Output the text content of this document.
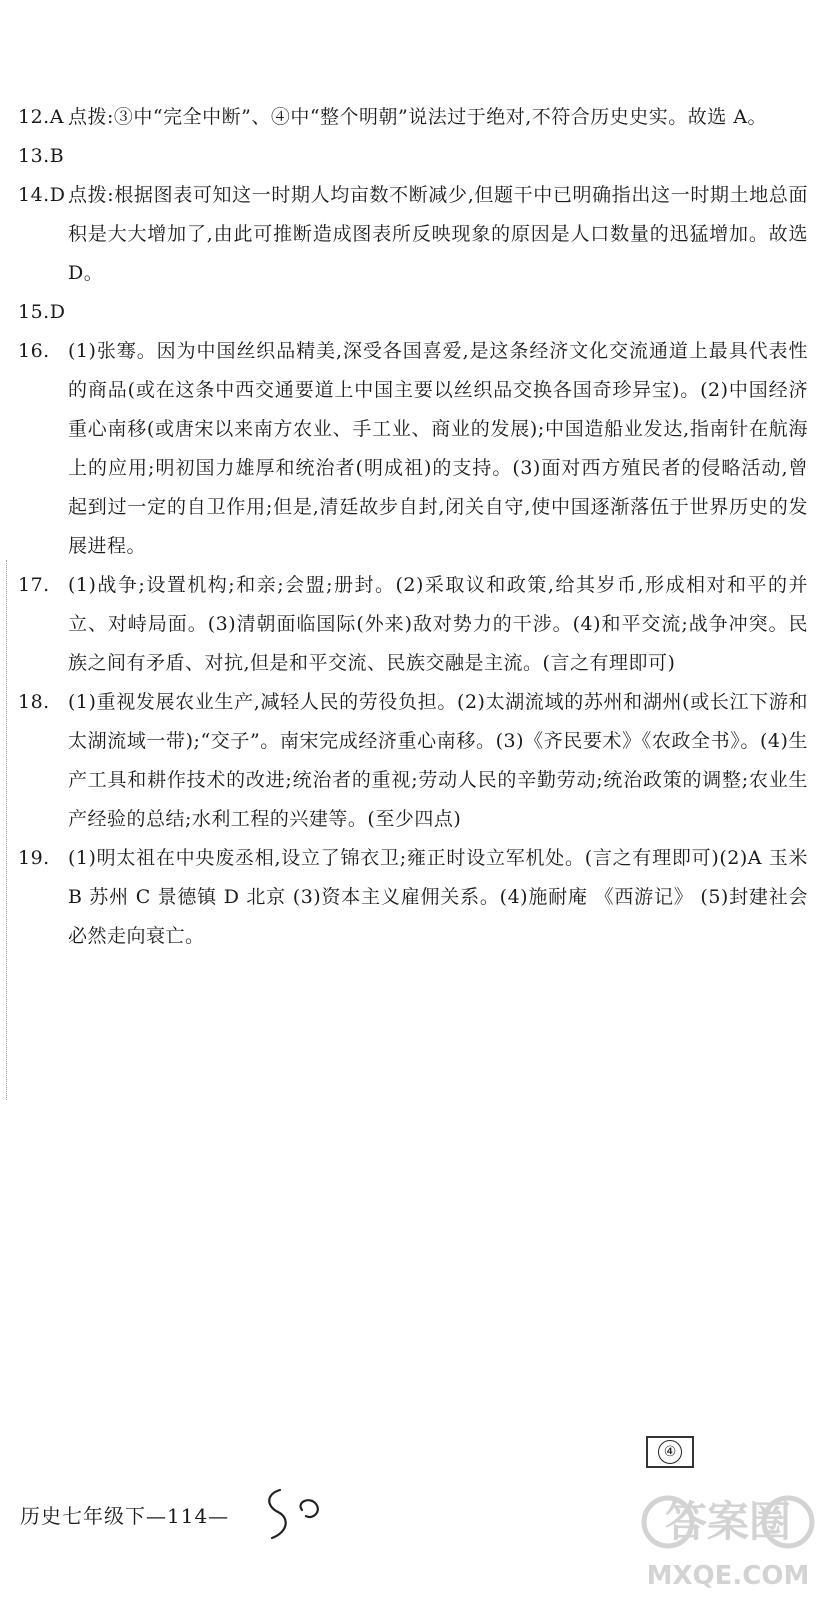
12.A 点拨:③中“完全中断”、④中“整个明朝”说法过于绝对,不符合历史史实。故选 A。
13.B
14.D 点拨:根据图表可知这一时期人均亩数不断减少,但题干中已明确指出这一时期土地总面积是大大增加了,由此可推断造成图表所反映现象的原因是人口数量的迅猛增加。故选 D。
15.D
16. (1)张骞。因为中国丝织品精美,深受各国喜爱,是这条经济文化交流通道上最具代表性的商品(或在这条中西交通要道上中国主要以丝织品交换各国奇珍异宝)。(2)中国经济重心南移(或唐宋以来南方农业、手工业、商业的发展);中国造船业发达,指南针在航海上的应用;明初国力雄厚和统治者(明成祖)的支持。(3)面对西方殖民者的侵略活动,曾起到过一定的自卫作用;但是,清廷故步自封,闭关自守,使中国逐渐落伍于世界历史的发展进程。
17. (1)战争;设置机构;和亲;会盟;册封。(2)采取议和政策,给其岁币,形成相对和平的并立、对峙局面。(3)清朝面临国际(外来)敌对势力的干涉。(4)和平交流;战争冲突。民族之间有矛盾、对抗,但是和平交流、民族交融是主流。(言之有理即可)
18. (1)重视发展农业生产,减轻人民的劳役负担。(2)太湖流域的苏州和湖州(或长江下游和太湖流域一带);“交子”。南宋完成经济重心南移。(3)《齐民要术》《农政全书》。(4)生产工具和耕作技术的改进;统治者的重视;劳动人民的辛勤劳动;统治政策的调整;农业生产经验的总结;水利工程的兴建等。(至少四点)
19. (1)明太祖在中央废丞相,设立了锦衣卫;雍正时设立军机处。(言之有理即可)(2)A 玉米 B 苏州 C 景德镇 D 北京 (3)资本主义雇佣关系。(4)施耐庵 《西游记》 (5)封建社会必然走向衰亡。
④
历史七年级下—114—	答案圈
MXQE.COM
